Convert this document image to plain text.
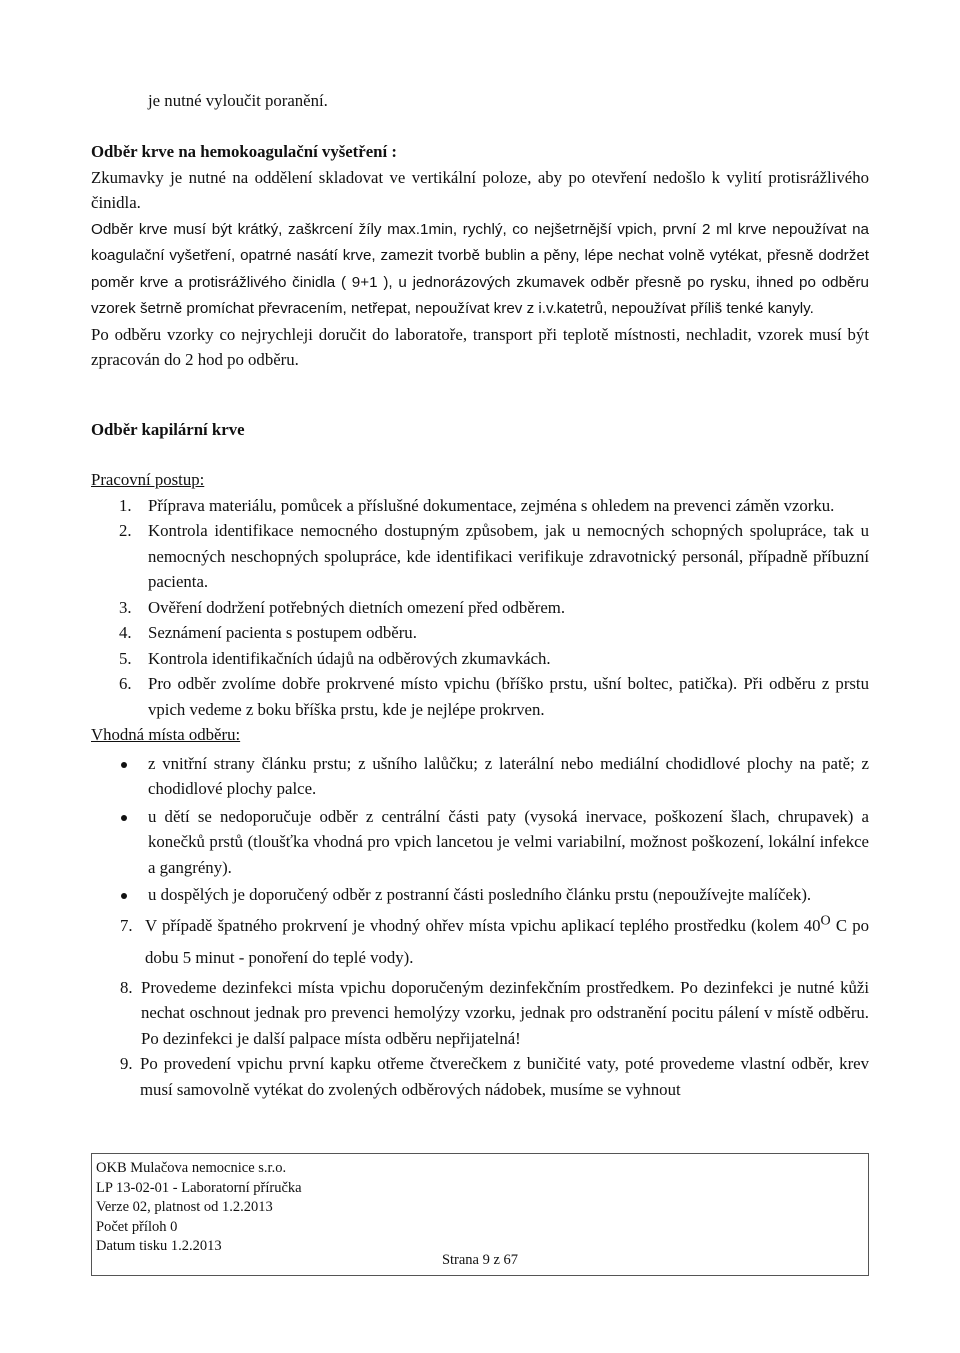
je nutné vyloučit poranění.
Odběr krve na hemokoagulační vyšetření :
Zkumavky je nutné na oddělení skladovat ve vertikální poloze, aby po otevření nedošlo k vylití protisrážlivého činidla.
Odběr krve musí být krátký, zaškrcení žíly max.1min, rychlý, co nejšetrnější vpich, první 2 ml krve nepoužívat na koagulační vyšetření, opatrné nasátí krve, zamezit tvorbě bublin a pěny, lépe nechat volně vytékat, přesně dodržet poměr krve a protisrážlivého činidla ( 9+1 ), u jednorázových zkumavek odběr přesně po rysku, ihned po odběru vzorek šetrně promíchat převracením, netřepat, nepoužívat krev z i.v.katetrů, nepoužívat příliš tenké kanyly.
Po odběru vzorky co nejrychleji doručit do laboratoře, transport při teplotě místnosti, nechladit, vzorek musí být zpracován do 2 hod po odběru.
Odběr kapilární krve
Pracovní postup:
1. Příprava materiálu, pomůcek a příslušné dokumentace, zejména s ohledem na prevenci záměn vzorku.
2. Kontrola identifikace nemocného dostupným způsobem, jak u nemocných schopných spolupráce, tak u nemocných neschopných spolupráce, kde identifikaci verifikuje zdravotnický personál, případně příbuzní pacienta.
3. Ověření dodržení potřebných dietních omezení před odběrem.
4. Seznámení pacienta s postupem odběru.
5. Kontrola identifikačních údajů na odběrových zkumavkách.
6. Pro odběr zvolíme dobře prokrvené místo vpichu (bříško prstu, ušní boltec, patička). Při odběru z prstu vpich vedeme z boku bříška prstu, kde je nejlépe prokrven.
Vhodná místa odběru:
z vnitřní strany článku prstu; z ušního lalůčku; z laterální nebo mediální chodidlové plochy na patě; z chodidlové plochy palce.
u dětí se nedoporučuje odběr z centrální části paty (vysoká inervace, poškození šlach, chrupavek) a konečků prstů (tloušťka vhodná pro vpich lancetou je velmi variabilní, možnost poškození, lokální infekce a gangrény).
u dospělých je doporučený odběr z postranní části posledního článku prstu (nepoužívejte malíček).
7. V případě špatného prokrvení je vhodný ohřev místa vpichu aplikací teplého prostředku (kolem $40^O$ C po dobu 5 minut - ponoření do teplé vody).
8. Provedeme dezinfekci místa vpichu doporučeným dezinfekčním prostředkem. Po dezinfekci je nutné kůži nechat oschnout jednak pro prevenci hemolýzy vzorku, jednak pro odstranění pocitu pálení v místě odběru. Po dezinfekci je další palpace místa odběru nepřijatelná!
9. Po provedení vpichu první kapku otřeme čtverečkem z buničité vaty, poté provedeme vlastní odběr, krev musí samovolně vytékat do zvolených odběrových nádobek, musíme se vyhnout
OKB Mulačova nemocnice s.r.o.
LP 13-02-01 - Laboratorní příručka
Verze 02, platnost od 1.2.2013
Počet příloh 0
Datum tisku 1.2.2013
Strana 9 z 67
